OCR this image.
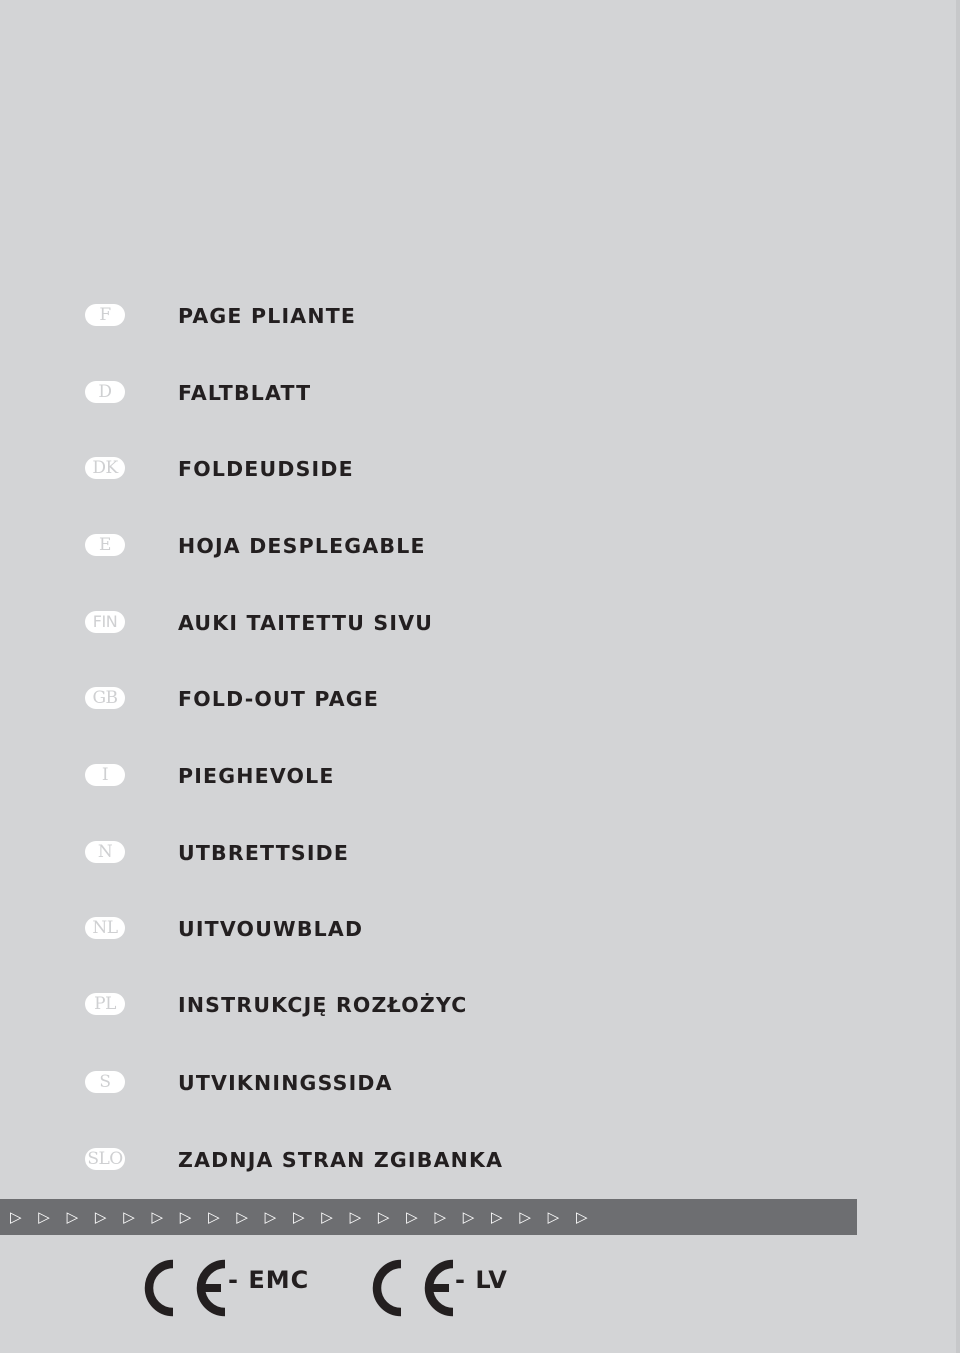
F	PAGE PLIANTE
D	FALTBLATT
DK	FOLDEUDSIDE
E	HOJA DESPLEGABLE
FIN	AUKI TAITETTU SIVU
GB	FOLD-OUT PAGE
I	PIEGHEVOLE
N	UTBRETTSIDE
NL	UITVOUWBLAD
PL	INSTRUKCJĘ ROZŁOŻYC
S	UTVIKNINGSSIDA
SLO	ZADNJA STRAN ZGIBANKA
▷	▷	▷	▷	▷	▷	▷	▷	▷	▷	▷	▷	▷	▷	▷	▷	▷	▷	▷	▷	▷
- EMC	- LV
